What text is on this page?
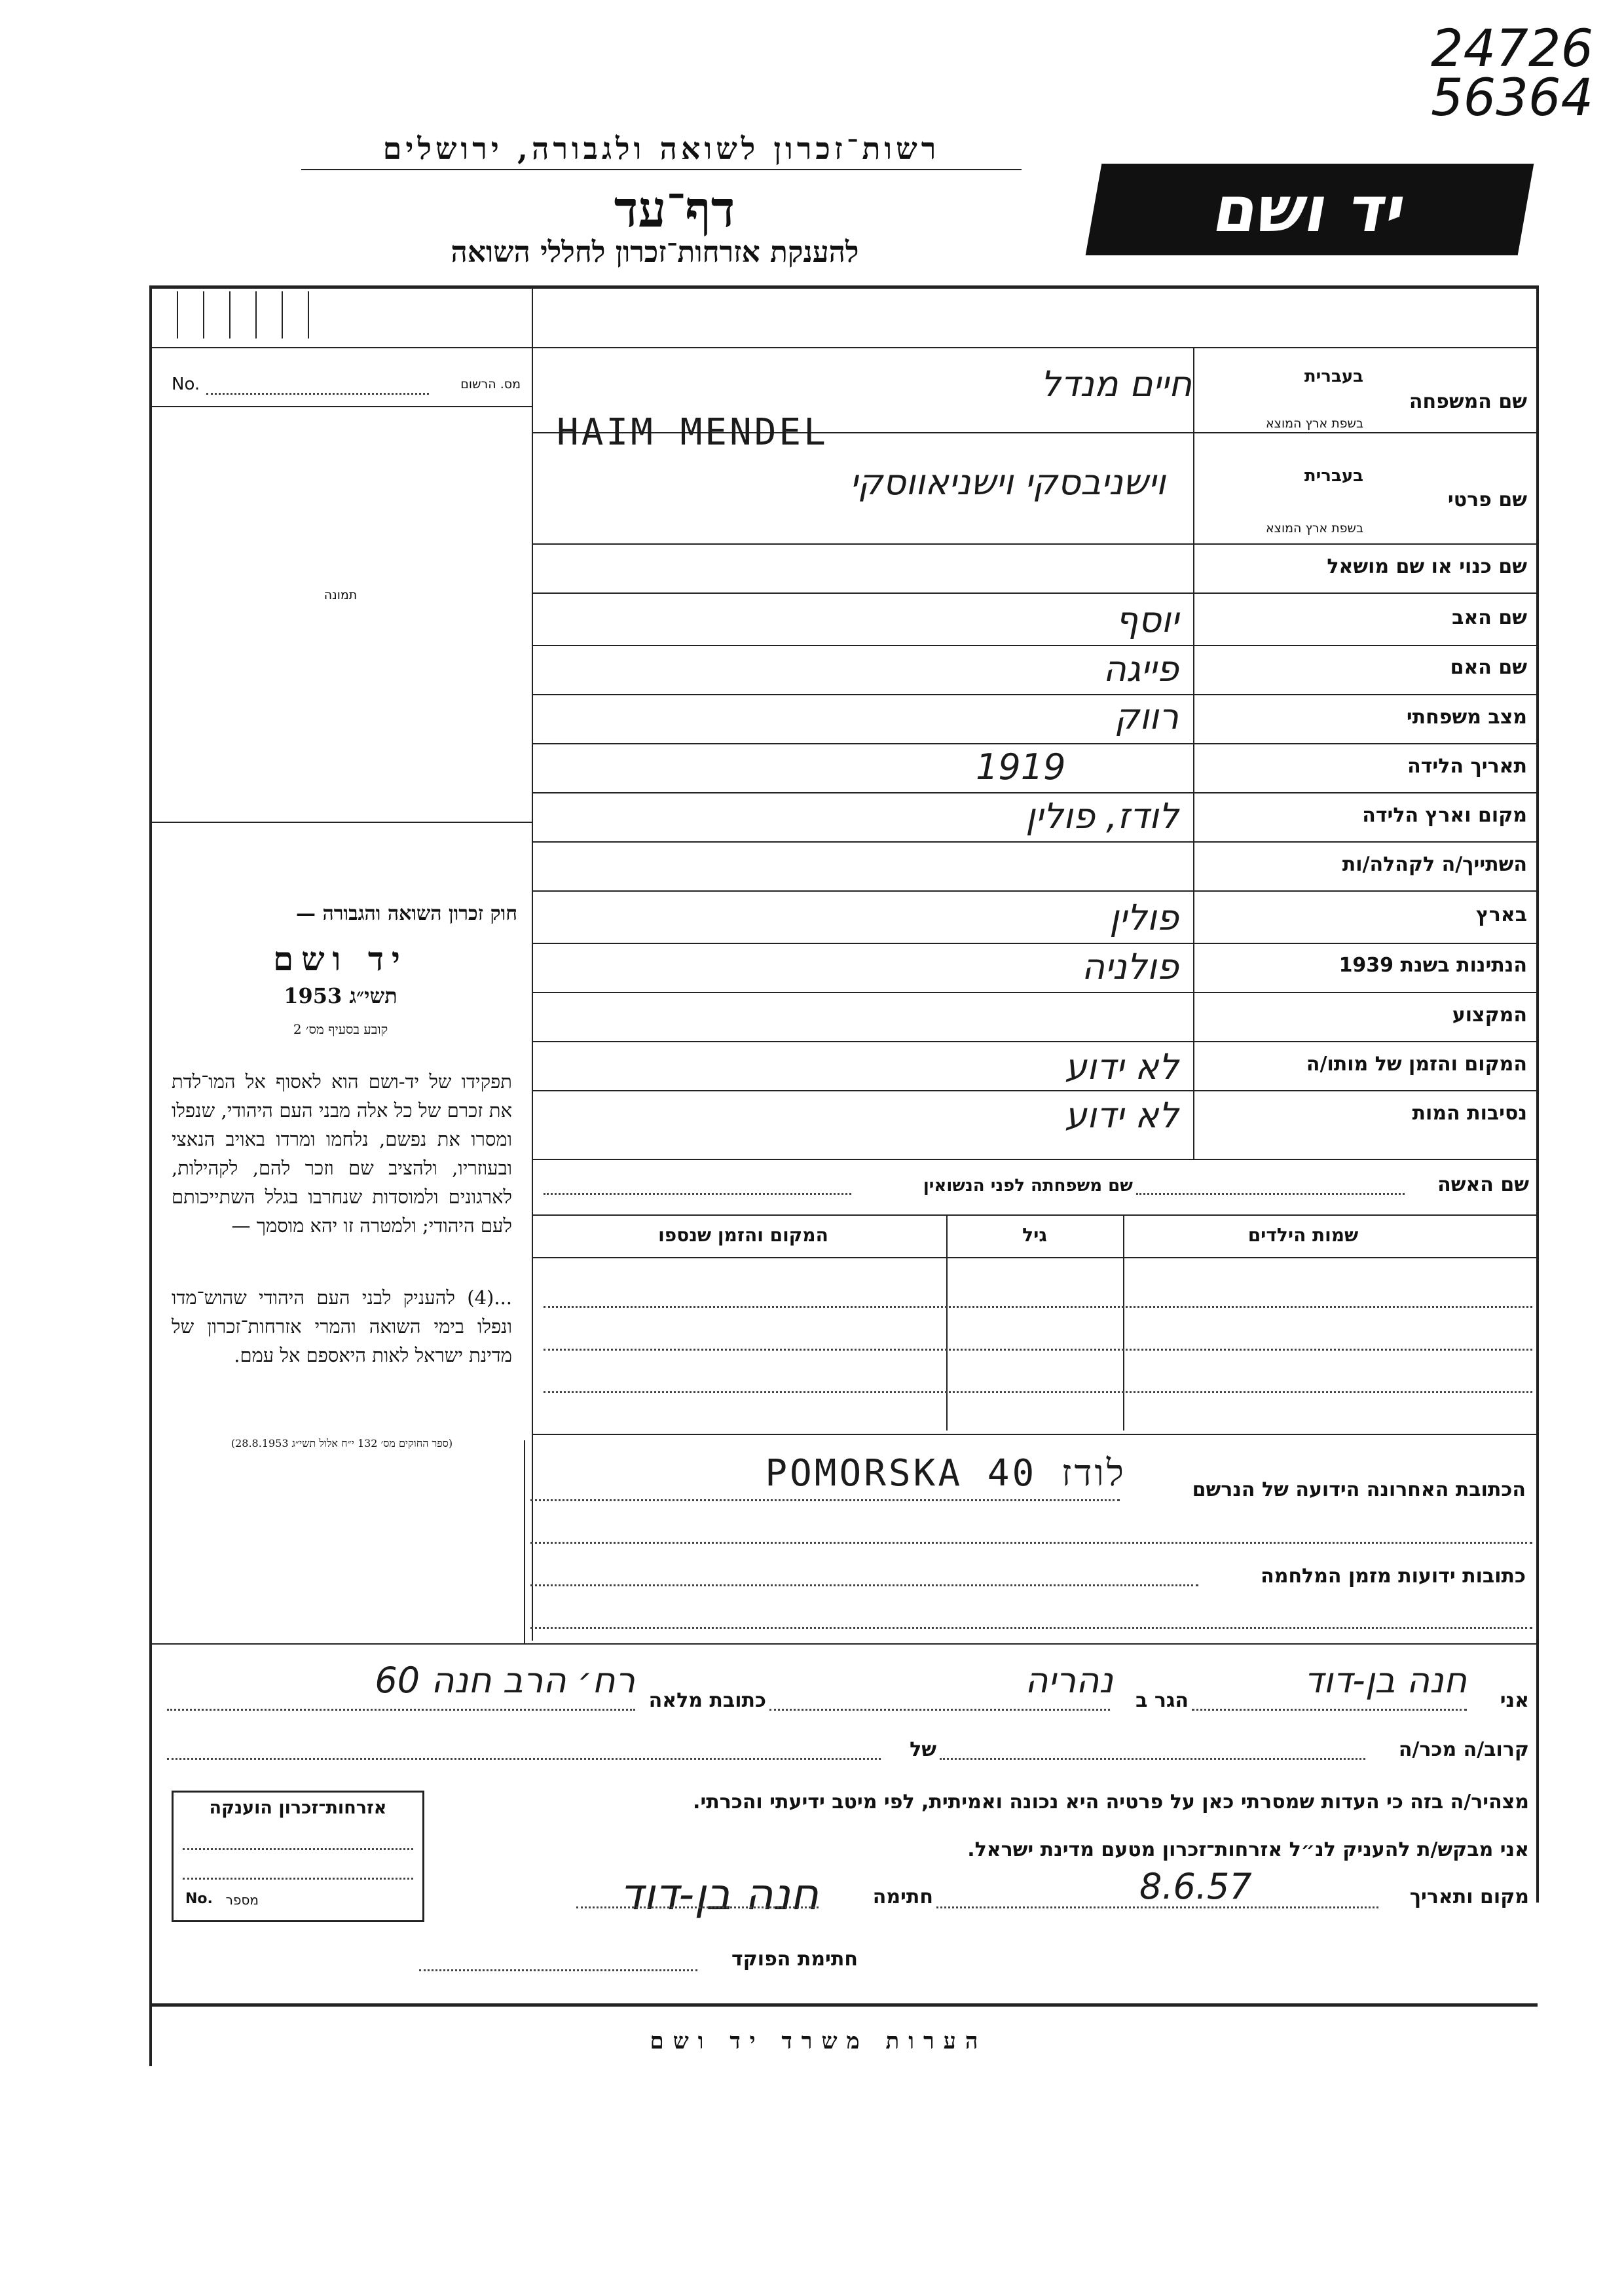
24726
56364
רשות־זכרון לשואה ולגבורה, ירושלים
דף־עד
להענקת אזרחות־זכרון לחללי השואה
יד ושם
No.	מס. הרשום
תמונה
חוק זכרון השואה והגבורה —
יד ושם
תשי״ג 1953
קובע בסעיף מס׳ 2
תפקידו של יד-ושם הוא לאסוף אל המו־לדת את זכרם של כל אלה מבני העם היהודי, שנפלו ומסרו את נפשם, נלחמו ומרדו באויב הנאצי ובעוזריו, ולהציב שם וזכר להם, לקהילות, לארגונים ולמוסדות שנחרבו בגלל השתייכותם לעם היהודי; ולמטרה זו יהא מוסמך —
...(4) להעניק לבני העם היהודי שהוש־מדו ונפלו בימי השואה והמרי אזרחות־זכרון של מדינת ישראל לאות היאספם אל עמם.
(ספר החוקים מס׳ 132 י״ח אלול תשי״ג 28.8.1953)
שם המשפחה
בעברית
בשפת ארץ המוצא
שם פרטי
בעברית
בשפת ארץ המוצא
שם כנוי או שם מושאל
שם האב
שם האם
מצב משפחתי
תאריך הלידה
מקום וארץ הלידה
השתייך/ה לקהלה/ות
בארץ
הנתינות בשנת 1939
המקצוע
המקום והזמן של מותו/ה
נסיבות המות
חיים מנדל
HAIM MENDEL
וישניבסקי וישניאווסקי
יוסף
פייגה
רווק
1919
לודז, פולין
פולין
פולניה
לא ידוע
לא ידוע
שם האשה
שם משפחתה לפני הנשואין
שמות הילדים
גיל
המקום והזמן שנספו
הכתובת האחרונה הידועה של הנרשם
POMORSKA 40 לודז
כתובות ידועות מזמן המלחמה
אני
חנה בן-דוד
הגר ב
נהריה
כתובת מלאה
רח׳ הרב חנה 60
קרוב/ה מכר/ה
של
מצהיר/ה בזה כי העדות שמסרתי כאן על פרטיה היא נכונה ואמיתית, לפי מיטב ידיעתי והכרתי.
אני מבקש/ת להעניק לנ״ל אזרחות־זכרון מטעם מדינת ישראל.
מקום ותאריך
8.6.57
חתימה
חנה בן-דוד
חתימת הפוקד
אזרחות־זכרון הוענקה
No. מספר
הערות משרד יד ושם
